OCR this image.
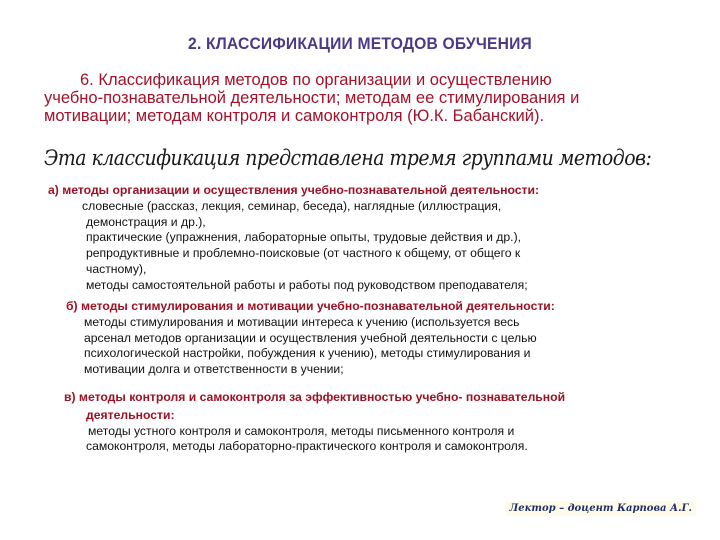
2. КЛАССИФИКАЦИИ МЕТОДОВ ОБУЧЕНИЯ
6. Классификация методов по организации и осуществлению
учебно-познавательной деятельности; методам ее стимулирования и
мотивации; методам контроля и самоконтроля (Ю.К. Бабанский).
Эта классификация представлена тремя группами методов:
а) методы организации и осуществления учебно-познавательной деятельности:
словесные (рассказ, лекция, семинар, беседа), наглядные (иллюстрация,
демонстрация и др.),
практические (упражнения, лабораторные опыты, трудовые действия и др.),
репродуктивные и проблемно-поисковые (от частного к общему, от общего к
частному),
методы самостоятельной работы и работы под руководством преподавателя;
б) методы стимулирования и мотивации учебно-познавательной деятельности:
методы стимулирования и мотивации интереса к учению (используется весь
арсенал методов организации и осуществления учебной деятельности с целью
психологической настройки, побуждения к учению), методы стимулирования и
мотивации долга и ответственности в учении;
в) методы контроля и самоконтроля за эффективностью учебно- познавательной
деятельности:
методы устного контроля и самоконтроля, методы письменного контроля и
самоконтроля, методы лабораторно-практического контроля и самоконтроля.
Лектор – доцент Карпова А.Г.
